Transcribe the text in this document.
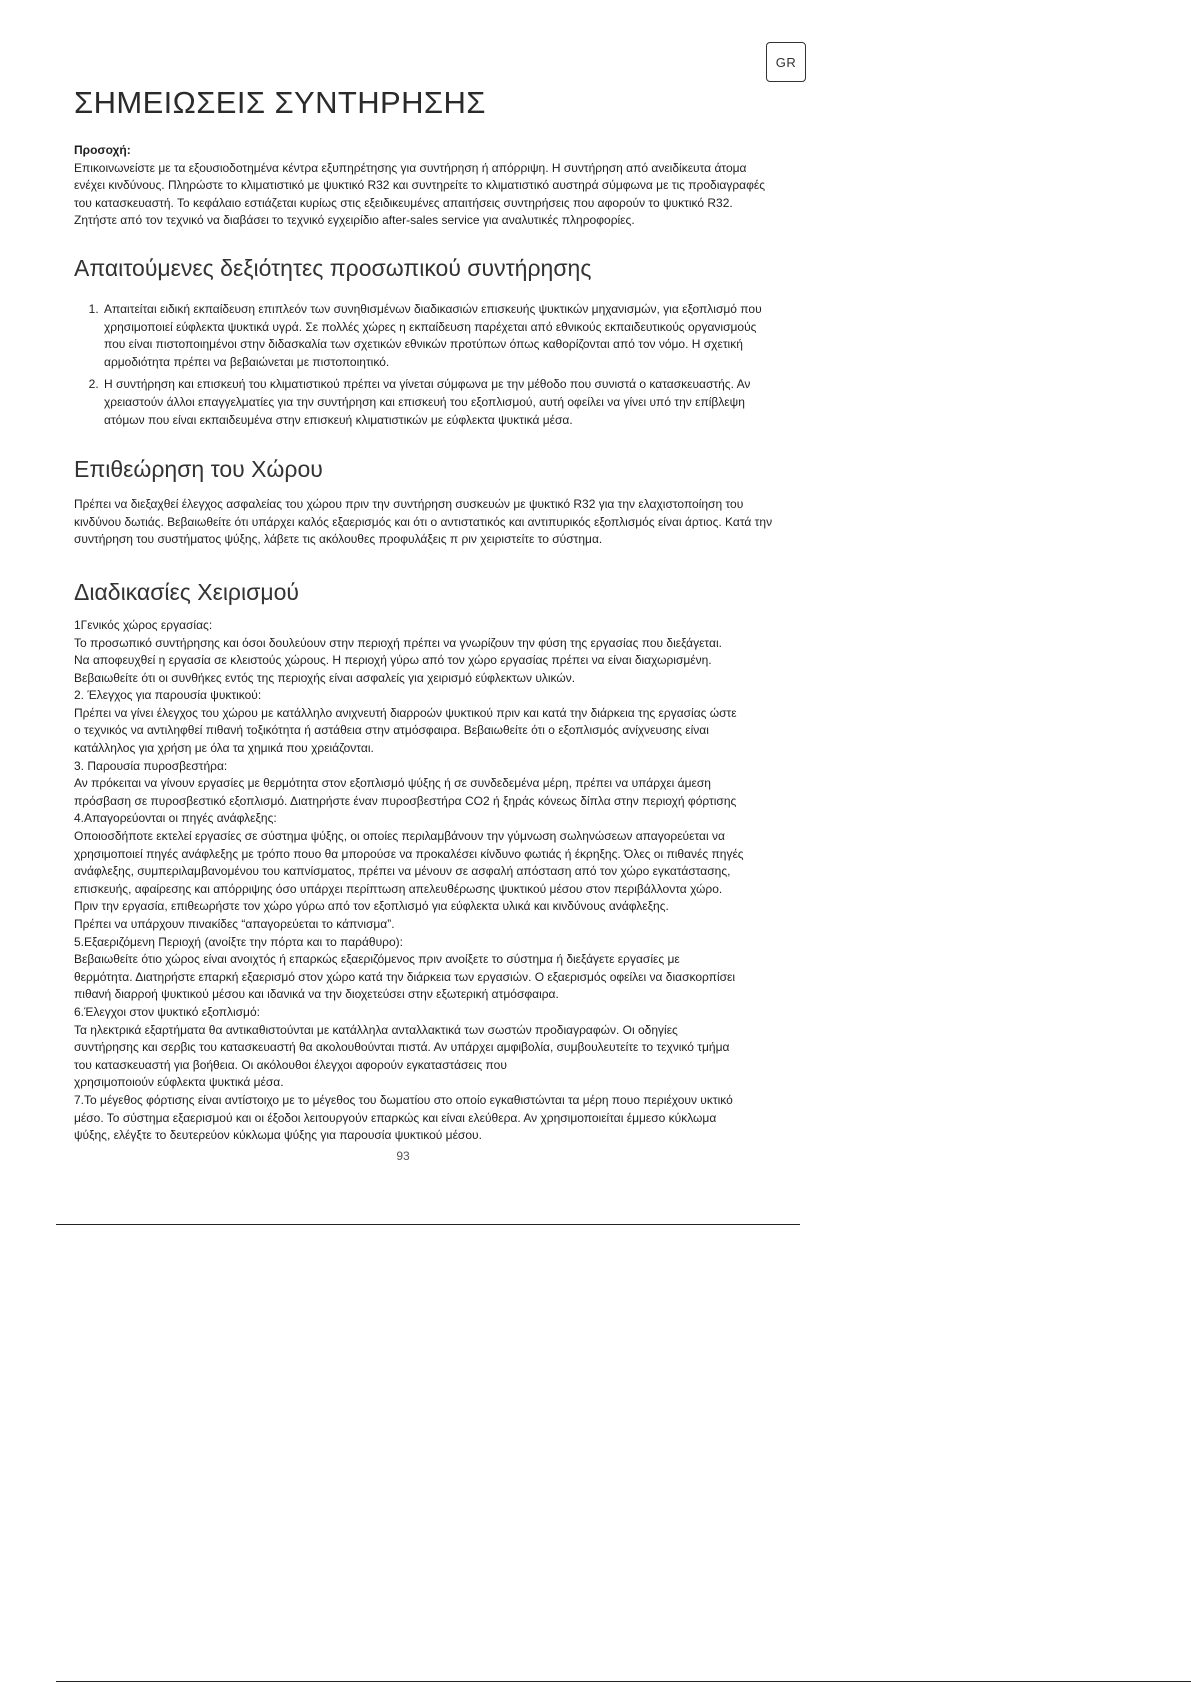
GR
ΣΗΜΕΙΩΣΕΙΣ ΣΥΝΤΗΡΗΣΗΣ
Προσοχή:

Επικοινωνείστε με τα εξουσιοδοτημένα κέντρα εξυπηρέτησης για συντήρηση ή απόρριψη. Η συντήρηση από ανειδίκευτα άτομα ενέχει κινδύνους. Πληρώστε το κλιματιστικό με ψυκτικό R32 και συντηρείτε το κλιματιστικό αυστηρά σύμφωνα με τις προδιαγραφές του κατασκευαστή. Το κεφάλαιο εστιάζεται κυρίως στις εξειδικευμένες απαιτήσεις συντηρήσεις που αφορούν το ψυκτικό R32. Ζητήστε από τον τεχνικό να διαβάσει το τεχνικό εγχειρίδιο after-sales service για αναλυτικές πληροφορίες.

Απαιτούμενες δεξιότητες προσωπικού συντήρησης
1. Απαιτείται ειδική εκπαίδευση επιπλεόν των συνηθισμένων διαδικασιών επισκευής ψυκτικών μηχανισμών, για εξοπλισμό που χρησιμοποιεί εύφλεκτα ψυκτικά υγρά. Σε πολλές χώρες η εκπαίδευση παρέχεται από εθνικούς εκπαιδευτικούς οργανισμούς που είναι πιστοποιημένοι στην διδασκαλία των σχετικών εθνικών προτύπων όπως καθορίζονται από τον νόμο. Η σχετική αρμοδιότητα πρέπει να βεβαιώνεται με πιστοποιητικό.
2. Η συντήρηση και επισκευή του κλιματιστικού πρέπει να γίνεται σύμφωνα με την μέθοδο που συνιστά ο κατασκευαστής. Αν χρειαστούν άλλοι επαγγελματίες για την συντήρηση και επισκευή του εξοπλισμού, αυτή οφείλει να γίνει υπό την επίβλεψη ατόμων που είναι εκπαιδευμένα στην επισκευή κλιματιστικών με εύφλεκτα ψυκτικά μέσα.
Επιθεώρηση του Χώρου

Πρέπει να διεξαχθεί έλεγχος ασφαλείας του χώρου πριν την συντήρηση συσκευών με ψυκτικό R32 για την ελαχιστοποίηση του κινδύνου δωτιάς. Βεβαιωθείτε ότι υπάρχει καλός εξαερισμός και ότι ο αντιστατικός και αντιπυρικός εξοπλισμός είναι άρτιος. Κατά την συντήρηση του συστήματος ψύξης, λάβετε τις ακόλουθες προφυλάξεις π ριν χειριστείτε το σύστημα.

Διαδικασίες Χειρισμού
1Γενικός χώρος εργασίας:
Το προσωπικό συντήρησης και όσοι δουλεύουν στην περιοχή πρέπει να γνωρίζουν την φύση της εργασίας που διεξάγεται.
Να αποφευχθεί η εργασία σε κλειστούς χώρους. Η περιοχή γύρω από τον χώρο εργασίας πρέπει να είναι διαχωρισμένη.
Βεβαιωθείτε ότι οι συνθήκες εντός της περιοχής είναι ασφαλείς για χειρισμό εύφλεκτων υλικών.
2. Έλεγχος για παρουσία ψυκτικού:
Πρέπει να γίνει έλεγχος του χώρου με κατάλληλο ανιχνευτή διαρροών ψυκτικού πριν και κατά την διάρκεια της εργασίας ώστε
ο τεχνικός να αντιληφθεί πιθανή τοξικότητα ή αστάθεια στην ατμόσφαιρα. Βεβαιωθείτε ότι ο εξοπλισμός ανίχνευσης είναι
κατάλληλος για χρήση με όλα τα χημικά που χρειάζονται.
3. Παρουσία πυροσβεστήρα:
Αν πρόκειται να γίνουν εργασίες με θερμότητα στον εξοπλισμό ψύξης ή σε συνδεδεμένα μέρη, πρέπει να υπάρχει άμεση
πρόσβαση σε πυροσβεστικό εξοπλισμό. Διατηρήστε έναν πυροσβεστήρα CO2 ή ξηράς κόνεως δίπλα στην περιοχή φόρτισης
4.Απαγορεύονται οι πηγές ανάφλεξης:
Οποιοσδήποτε εκτελεί εργασίες σε σύστημα ψύξης, οι οποίες περιλαμβάνουν την γύμνωση σωληνώσεων απαγορεύεται να
χρησιμοποιεί πηγές ανάφλεξης με τρόπο πουο θα μπορούσε να προκαλέσει κίνδυνο φωτιάς ή έκρηξης. Όλες οι πιθανές πηγές
ανάφλεξης, συμπεριλαμβανομένου του καπνίσματος, πρέπει να μένουν σε ασφαλή απόσταση από τον χώρο εγκατάστασης,
επισκευής, αφαίρεσης και απόρριψης όσο υπάρχει περίπτωση απελευθέρωσης ψυκτικού μέσου στον περιβάλλοντα χώρο.
Πριν την εργασία, επιθεωρήστε τον χώρο γύρω από τον εξοπλισμό για εύφλεκτα υλικά και κινδύνους ανάφλεξης.
Πρέπει να υπάρχουν πινακίδες “απαγορεύεται το κάπνισμα”.
5.Εξαεριζόμενη Περιοχή (ανοίξτε την πόρτα και το παράθυρο):
Βεβαιωθείτε ότιο χώρος είναι ανοιχτός ή επαρκώς εξαεριζόμενος πριν ανοίξετε το σύστημα ή διεξάγετε εργασίες με
θερμότητα. Διατηρήστε επαρκή εξαερισμό στον χώρο κατά την διάρκεια των εργασιών. Ο εξαερισμός οφείλει να διασκορπίσει
πιθανή διαρροή ψυκτικού μέσου και ιδανικά να την διοχετεύσει στην εξωτερική ατμόσφαιρα.
6.Έλεγχοι στον ψυκτικό εξοπλισμό:
Τα ηλεκτρικά εξαρτήματα θα αντικαθιστούνται με κατάλληλα ανταλλακτικά των σωστών προδιαγραφών. Οι οδηγίες
συντήρησης και σερβις του κατασκευαστή θα ακολουθούνται πιστά. Αν υπάρχει αμφιβολία, συμβουλευτείτε το τεχνικό τμήμα
του κατασκευαστή για βοήθεια. Οι ακόλουθοι έλεγχοι αφορούν εγκαταστάσεις που
χρησιμοποιούν εύφλεκτα ψυκτικά μέσα.
7.Το μέγεθος φόρτισης είναι αντίστοιχο με το μέγεθος του δωματίου στο οποίο εγκαθιστώνται τα μέρη πουο περιέχουν υκτικό
μέσο. Το σύστημα εξαερισμού και οι έξοδοι λειτουργούν επαρκώς και είναι ελεύθερα. Αν χρησιμοποιείται έμμεσο κύκλωμα
ψύξης, ελέγξτε το δευτερεύον κύκλωμα ψύξης για παρουσία ψυκτικού μέσου.
93
